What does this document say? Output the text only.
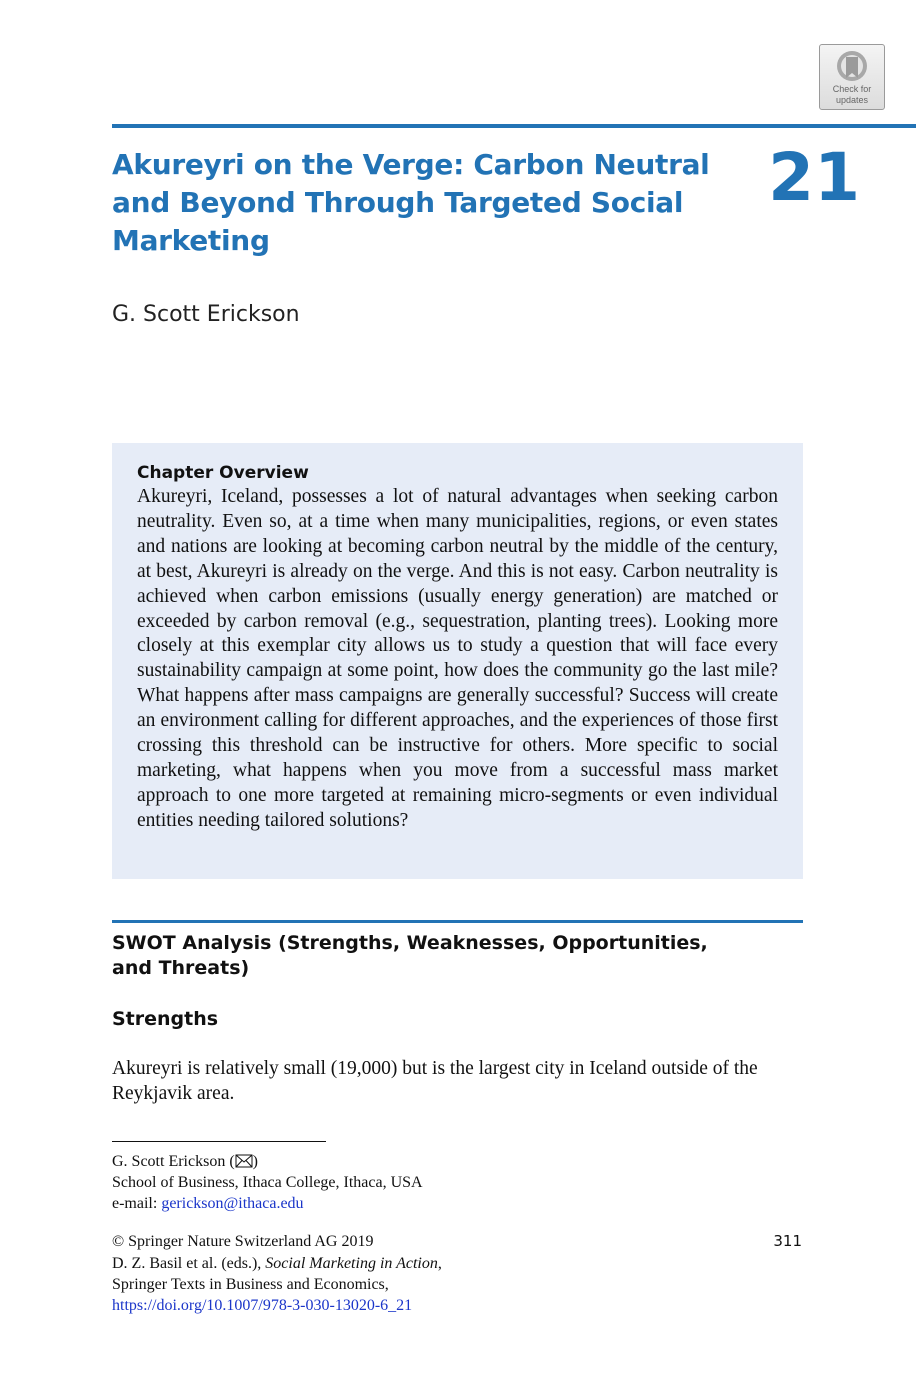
Check for
updates
Akureyri on the Verge: Carbon Neutral and Beyond Through Targeted Social Marketing
21

G. Scott Erickson

Chapter Overview

Akureyri, Iceland, possesses a lot of natural advantages when seeking carbon neutrality. Even so, at a time when many municipalities, regions, or even states and nations are looking at becoming carbon neutral by the middle of the century, at best, Akureyri is already on the verge. And this is not easy. Carbon neutrality is achieved when carbon emissions (usually energy generation) are matched or exceeded by carbon removal (e.g., sequestration, planting trees). Looking more closely at this exemplar city allows us to study a question that will face every sustainability campaign at some point, how does the community go the last mile? What happens after mass campaigns are generally successful? Success will create an environment calling for different approaches, and the experiences of those first crossing this threshold can be instructive for others. More specific to social marketing, what happens when you move from a successful mass market approach to one more targeted at remaining micro-segments or even individual entities needing tailored solutions?

SWOT Analysis (Strengths, Weaknesses, Opportunities, and Threats)
Strengths

Akureyri is relatively small (19,000) but is the largest city in Iceland outside of the Reykjavik area.

G. Scott Erickson ( )

School of Business, Ithaca College, Ithaca, USA

e-mail: gerickson@ithaca.edu

© Springer Nature Switzerland AG 2019

D. Z. Basil et al. (eds.), Social Marketing in Action,

Springer Texts in Business and Economics,

https://doi.org/10.1007/978-3-030-13020-6_21

311
